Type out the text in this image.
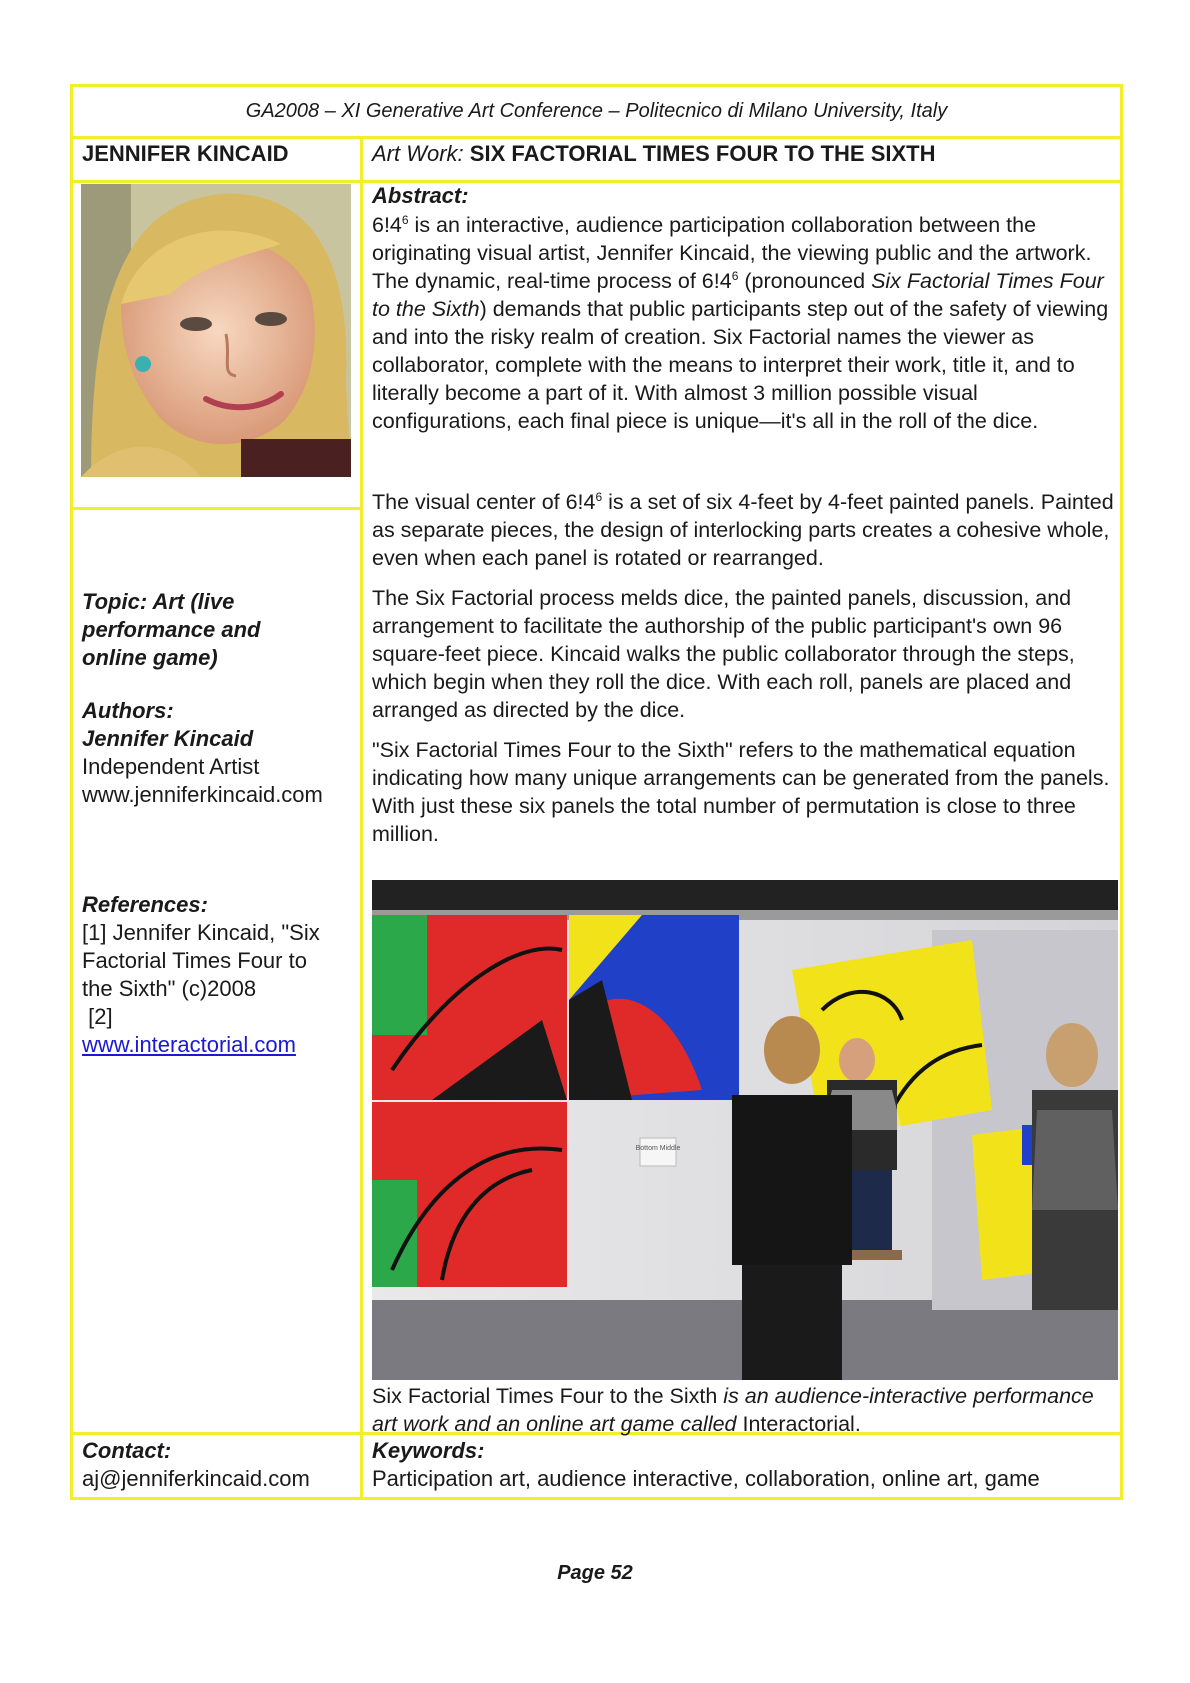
GA2008 – XI Generative Art Conference – Politecnico di Milano University, Italy
JENNIFER KINCAID	Art Work: SIX FACTORIAL TIMES FOUR TO THE SIXTH
Abstract:

$6!4^6$ is an interactive, audience participation collaboration between the originating visual artist, Jennifer Kincaid, the viewing public and the artwork. The dynamic, real-time process of $6!4^6$ (pronounced Six Factorial Times Four to the Sixth) demands that public participants step out of the safety of viewing and into the risky realm of creation. Six Factorial names the viewer as collaborator, complete with the means to interpret their work, title it, and to literally become a part of it. With almost 3 million possible visual configurations, each final piece is unique—it's all in the roll of the dice.

The visual center of $6!4^6$ is a set of six 4-feet by 4-feet painted panels. Painted as separate pieces, the design of interlocking parts creates a cohesive whole, even when each panel is rotated or rearranged.

The Six Factorial process melds dice, the painted panels, discussion, and arrangement to facilitate the authorship of the public participant's own 96 square-feet piece. Kincaid walks the public collaborator through the steps, which begin when they roll the dice. With each roll, panels are placed and arranged as directed by the dice.

"Six Factorial Times Four to the Sixth" refers to the mathematical equation indicating how many unique arrangements can be generated from the panels. With just these six panels the total number of permutation is close to three million.

Topic: Art (live
performance and
online game)
Authors:
Jennifer Kincaid
Independent Artist
www.jenniferkincaid.com
References:
[1] Jennifer Kincaid, "Six
Factorial Times Four to
the Sixth" (c)2008
[2]
www.interactorial.com
Bottom Middle
Six Factorial Times Four to the Sixth is an audience-interactive performance art work and an online art game called Interactorial.
Contact:
aj@jenniferkincaid.com
Keywords:
Participation art, audience interactive, collaboration, online art, game
Page 52
